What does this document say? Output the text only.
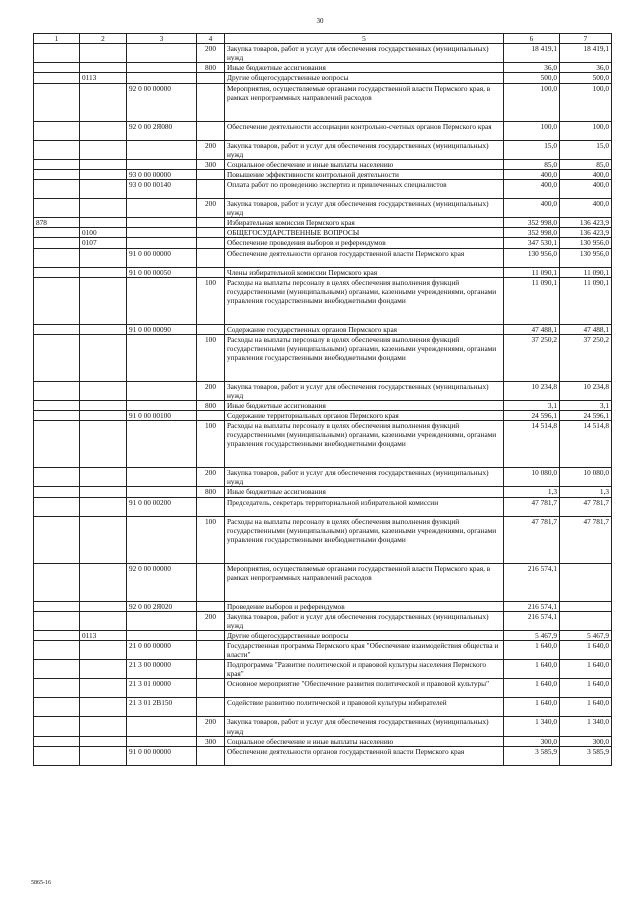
30
1	2	3	4	5	6	7
			200	Закупка товаров, работ и услуг для обеспечения государственных (муниципальных) нужд	18 419,1	18 419,1
			800	Иные бюджетные ассигнования	36,0	36,0
	0113			Другие общегосударственные вопросы	500,0	500,0
		92 0 00 00000		Мероприятия, осуществляемые органами государственной власти Пермского края, в рамках непрограммных направлений расходов	100,0	100,0
		92 0 00 2Я080		Обеспечение деятельности ассоциации контрольно-счетных органов Пермского края	100,0	100,0
			200	Закупка товаров, работ и услуг для обеспечения государственных (муниципальных) нужд	15,0	15,0
			300	Социальное обеспечение и иные выплаты населению	85,0	85,0
		93 0 00 00000		Повышение эффективности контрольной деятельности	400,0	400,0
		93 0 00 00140		Оплата работ по проведению экспертиз и привлеченных специалистов	400,0	400,0
			200	Закупка товаров, работ и услуг для обеспечения государственных (муниципальных) нужд	400,0	400,0
878				Избирательная комиссия Пермского края	352 998,0	136 423,9
	0100			ОБЩЕГОСУДАРСТВЕННЫЕ ВОПРОСЫ	352 998,0	136 423,9
	0107			Обеспечение проведения выборов и референдумов	347 530,1	130 956,0
		91 0 00 00000		Обеспечение деятельности органов государственной власти Пермского края	130 956,0	130 956,0
		91 0 00 00050		Члены избирательной комиссии Пермского края	11 090,1	11 090,1
			100	Расходы на выплаты персоналу в целях обеспечения выполнения функций государственными (муниципальными) органами, казенными учреждениями, органами управления государственными внебюджетными фондами	11 090,1	11 090,1
		91 0 00 00090		Содержание государственных органов Пермского края	47 488,1	47 488,1
			100	Расходы на выплаты персоналу в целях обеспечения выполнения функций государственными (муниципальными) органами, казенными учреждениями, органами управления государственными внебюджетными фондами	37 250,2	37 250,2
			200	Закупка товаров, работ и услуг для обеспечения государственных (муниципальных) нужд	10 234,8	10 234,8
			800	Иные бюджетные ассигнования	3,1	3,1
		91 0 00 00100		Содержание территориальных органов Пермского края	24 596,1	24 596,1
			100	Расходы на выплаты персоналу в целях обеспечения выполнения функций государственными (муниципальными) органами, казенными учреждениями, органами управления государственными внебюджетными фондами	14 514,8	14 514,8
			200	Закупка товаров, работ и услуг для обеспечения государственных (муниципальных) нужд	10 080,0	10 080,0
			800	Иные бюджетные ассигнования	1,3	1,3
		91 0 00 00200		Председатель, секретарь территориальной избирательной комиссии	47 781,7	47 781,7
			100	Расходы на выплаты персоналу в целях обеспечения выполнения функций государственными (муниципальными) органами, казенными учреждениями, органами управления государственными внебюджетными фондами	47 781,7	47 781,7
		92 0 00 00000		Мероприятия, осуществляемые органами государственной власти Пермского края, в рамках непрограммных направлений расходов	216 574,1	
		92 0 00 2Я020		Проведение выборов и референдумов	216 574,1	
			200	Закупка товаров, работ и услуг для обеспечения государственных (муниципальных) нужд	216 574,1	
	0113			Другие общегосударственные вопросы	5 467,9	5 467,9
		21 0 00 00000		Государственная программа Пермского края "Обеспечение взаимодействия общества и власти"	1 640,0	1 640,0
		21 3 00 00000		Подпрограмма "Развитие политической и правовой культуры населения Пермского края"	1 640,0	1 640,0
		21 3 01 00000		Основное мероприятие "Обеспечение развития политической и правовой культуры"	1 640,0	1 640,0
		21 3 01 2В150		Содействие развитию политической и правовой культуры избирателей	1 640,0	1 640,0
			200	Закупка товаров, работ и услуг для обеспечения государственных (муниципальных) нужд	1 340,0	1 340,0
			300	Социальное обеспечение и иные выплаты населению	300,0	300,0
		91 0 00 00000		Обеспечение деятельности органов государственной власти Пермского края	3 585,9	3 585,9
5865-16
